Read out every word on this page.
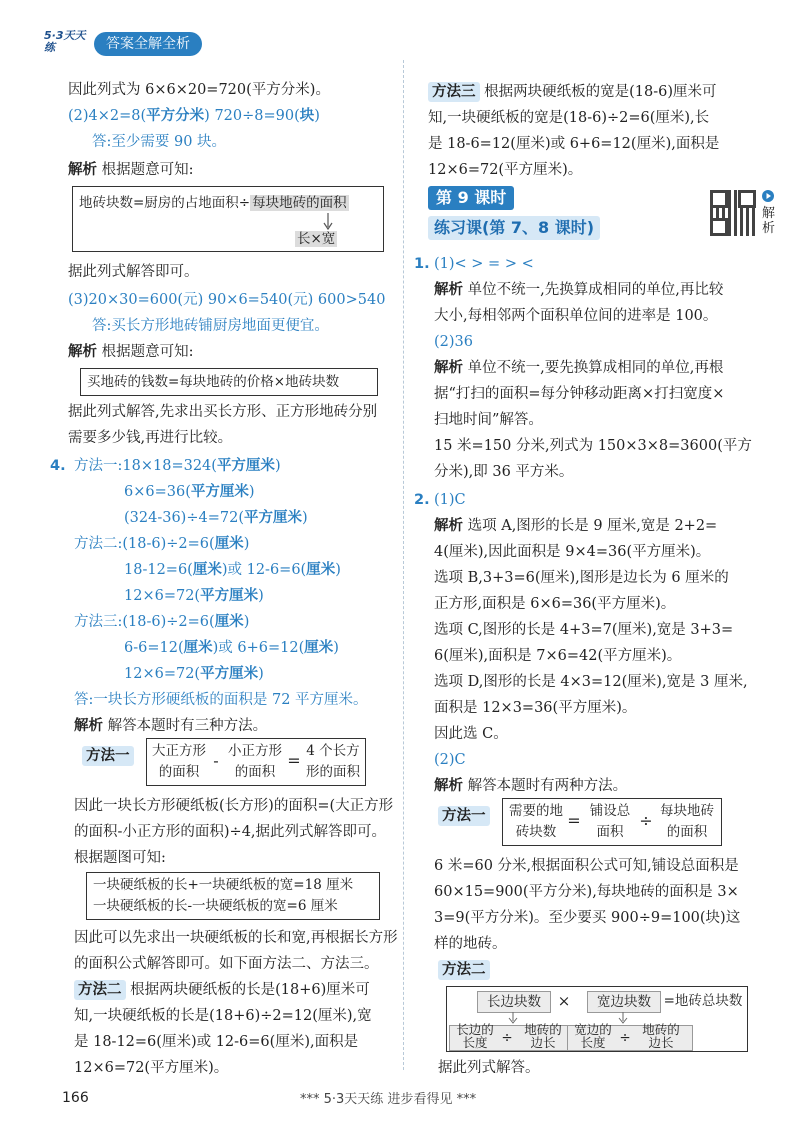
5·3天天练	答案全解全析
因此列式为 6×6×20=720(平方分米)。
(2)4×2=8(平方分米) 720÷8=90(块)
答:至少需要 90 块。
解析 根据题意可知:
地砖块数=厨房的占地面积÷ 每块地砖的面积
长×宽
据此列式解答即可。
(3)20×30=600(元) 90×6=540(元) 600>540
答:买长方形地砖铺厨房地面更便宜。
解析 根据题意可知:
买地砖的钱数=每块地砖的价格×地砖块数
据此列式解答,先求出买长方形、正方形地砖分别
需要多少钱,再进行比较。
4. 方法一:18×18=324(平方厘米)
6×6=36(平方厘米)
(324-36)÷4=72(平方厘米)
方法二:(18-6)÷2=6(厘米)
18-12=6(厘米)或 12-6=6(厘米)
12×6=72(平方厘米)
方法三:(18-6)÷2=6(厘米)
6-6=12(厘米)或 6+6=12(厘米)
12×6=72(平方厘米)
答:一块长方形硬纸板的面积是 72 平方厘米。
解析 解答本题时有三种方法。
方法一	大正方形
的面积
- 小正方形
的面积
= 4 个长方
形的面积
因此一块长方形硬纸板(长方形)的面积=(大正方形
的面积-小正方形的面积)÷4,据此列式解答即可。
根据题图可知:
一块硬纸板的长+一块硬纸板的宽=18 厘米
一块硬纸板的长-一块硬纸板的宽=6 厘米
因此可以先求出一块硬纸板的长和宽,再根据长方形
的面积公式解答即可。如下面方法二、方法三。
方法二 根据两块硬纸板的长是(18+6)厘米可
知,一块硬纸板的长是(18+6)÷2=12(厘米),宽
是 18-12=6(厘米)或 12-6=6(厘米),面积是
12×6=72(平方厘米)。
方法三 根据两块硬纸板的宽是(18-6)厘米可
知,一块硬纸板的宽是(18-6)÷2=6(厘米),长
是 18-6=12(厘米)或 6+6=12(厘米),面积是
12×6=72(平方厘米)。
第 9 课时
练习课(第 7、8 课时)
解析
1. (1)< > = > <
解析 单位不统一,先换算成相同的单位,再比较
大小,每相邻两个面积单位间的进率是 100。
(2)36
解析 单位不统一,要先换算成相同的单位,再根
据“打扫的面积=每分钟移动距离×打扫宽度×
扫地时间”解答。
15 米=150 分米,列式为 150×3×8=3600(平方
分米),即 36 平方米。
2. (1)C
解析 选项 A,图形的长是 9 厘米,宽是 2+2=
4(厘米),因此面积是 9×4=36(平方厘米)。
选项 B,3+3=6(厘米),图形是边长为 6 厘米的
正方形,面积是 6×6=36(平方厘米)。
选项 C,图形的长是 4+3=7(厘米),宽是 3+3=
6(厘米),面积是 7×6=42(平方厘米)。
选项 D,图形的长是 4×3=12(厘米),宽是 3 厘米,
面积是 12×3=36(平方厘米)。
因此选 C。
(2)C
解析 解答本题时有两种方法。
方法一	需要的地
砖块数
= 铺设总
面积
÷ 每块地砖
的面积
6 米=60 分米,根据面积公式可知,铺设总面积是
60×15=900(平方分米),每块地砖的面积是 3×
3=9(平方分米)。至少要买 900÷9=100(块)这
样的地砖。
方法二
长边块数	×	宽边块数 =地砖总块数
长边的
长度	÷
地砖的
边长
宽边的
长度	÷
地砖的
边长
据此列式解答。
166	*** 5·3天天练 进步看得见 ***
